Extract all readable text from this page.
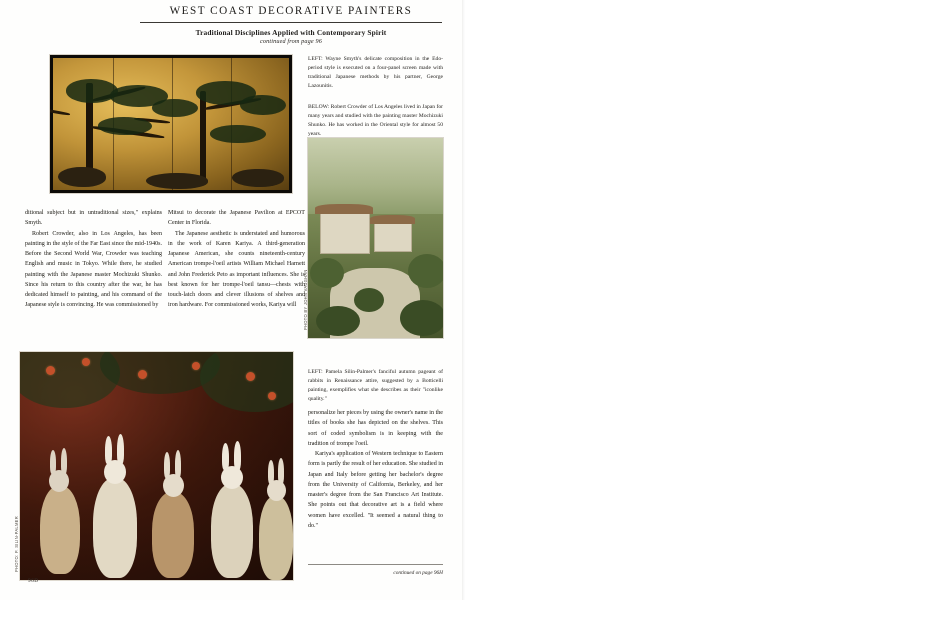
WEST COAST DECORATIVE PAINTERS
Traditional Disciplines Applied with Contemporary Spirit
continued from page 96
LEFT: Wayne Smyth's delicate composition in the Edo-period style is executed on a four-panel screen made with traditional Japanese methods by his partner, George Lazounitis.
BELOW: Robert Crowder of Los Angeles lived in Japan for many years and studied with the painting master Mochizuki Shunko. He has worked in the Oriental style for almost 50 years.
PHOTO BY JOHN VAUGHAN

ditional subject but in untraditional sizes," explains Smyth.

Robert Crowder, also in Los Angeles, has been painting in the style of the Far East since the mid-1940s. Before the Second World War, Crowder was teaching English and music in Tokyo. While there, he studied painting with the Japanese master Mochizuki Shunko. Since his return to this country after the war, he has dedicated himself to painting, and his command of the Japanese style is convincing. He was commissioned by

Mitsui to decorate the Japanese Pavilion at EPCOT Center in Florida.

The Japanese aesthetic is understated and humorous in the work of Karen Kariya. A third-generation Japanese American, she counts nineteenth-century American trompe-l'oeil artists William Michael Harnett and John Frederick Peto as important influences. She is best known for her trompe-l'oeil tansu—chests with touch-latch doors and clever illusions of shelves and iron hardware. For commissioned works, Kariya will

PHOTO: P. SILIN-PALMER
LEFT: Pamela Silin-Palmer's fanciful autumn pageant of rabbits in Renaissance attire, suggested by a Botticelli painting, exemplifies what she describes as their "iconlike quality."

personalize her pieces by using the owner's name in the titles of books she has depicted on the shelves. This sort of coded symbolism is in keeping with the tradition of trompe l'oeil.

Kariya's application of Western technique to Eastern form is partly the result of her education. She studied in Japan and Italy before getting her bachelor's degree from the University of California, Berkeley, and her master's degree from the San Francisco Art Institute. She points out that decorative art is a field where women have excelled. "It seemed a natural thing to do."

continued on page 96H
96D
